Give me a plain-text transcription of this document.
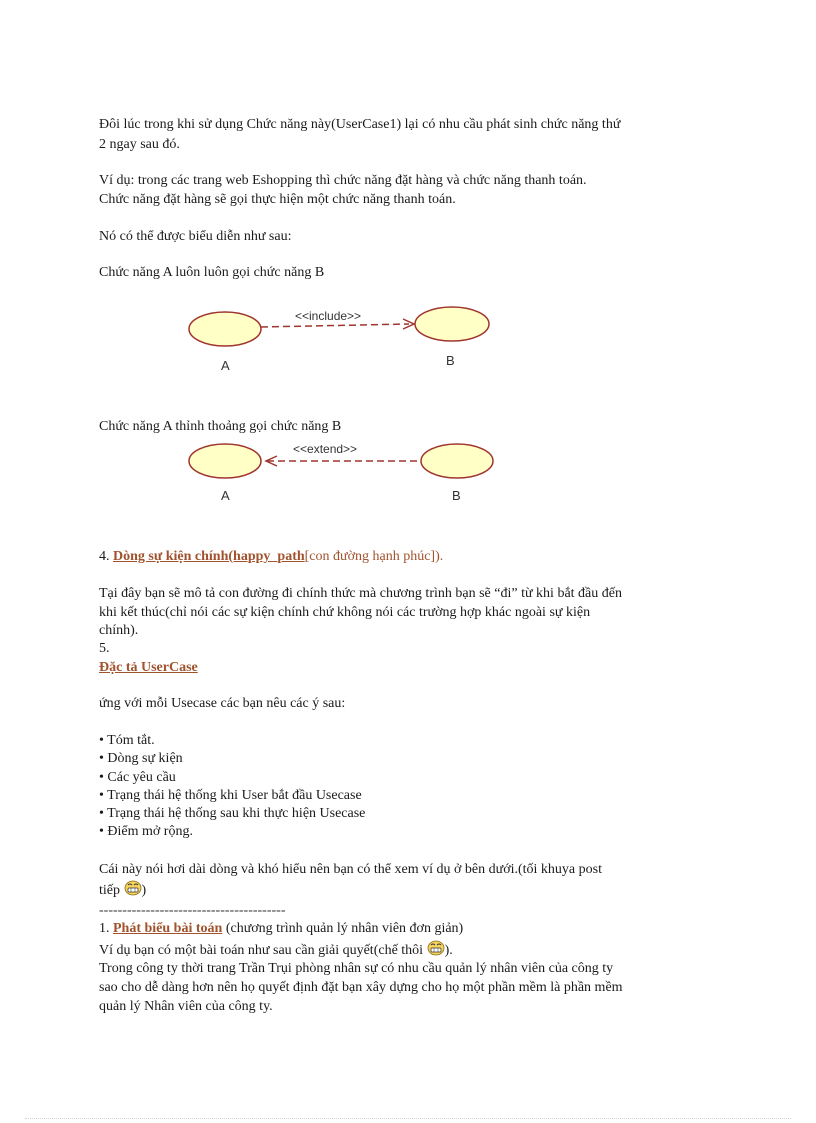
Đôi lúc trong khi sử dụng Chức năng này(UserCase1) lại có nhu cầu phát sinh chức năng thứ

2 ngay sau đó.

Ví dụ: trong các trang web Eshopping thì chức năng đặt hàng và chức năng thanh toán.

Chức năng đặt hàng sẽ gọi thực hiện một chức năng thanh toán.

Nó có thể được biểu diễn như sau:

Chức năng A luôn luôn gọi chức năng B

<<include>>
A	B

Chức năng A thỉnh thoảng gọi chức năng B

<<extend>>
A	B

4. Dòng sự kiện chính(happy_path[con đường hạnh phúc]).

Tại đây bạn sẽ mô tả con đường đi chính thức mà chương trình bạn sẽ “đi” từ khi bắt đầu đến

khi kết thúc(chỉ nói các sự kiện chính chứ không nói các trường hợp khác ngoài sự kiện

chính).

5.

Đặc tả UserCase

ứng với mỗi Usecase các bạn nêu các ý sau:

• Tóm tắt.
• Dòng sự kiện
• Các yêu cầu
• Trạng thái hệ thống khi User bắt đầu Usecase
• Trạng thái hệ thống sau khi thực hiện Usecase
• Điểm mở rộng.

Cái này nói hơi dài dòng và khó hiểu nên bạn có thể xem ví dụ ở bên dưới.(tối khuya post

tiếp )

----------------------------------------

1. Phát biểu bài toán (chương trình quản lý nhân viên đơn giản)

Ví dụ bạn có một bài toán như sau cần giải quyết(chế thôi ).

Trong công ty thời trang Trần Trụi phòng nhân sự có nhu cầu quản lý nhân viên của công ty

sao cho dễ dàng hơn nên họ quyết định đặt bạn xây dựng cho họ một phần mềm là phần mềm

quản lý Nhân viên của công ty.
